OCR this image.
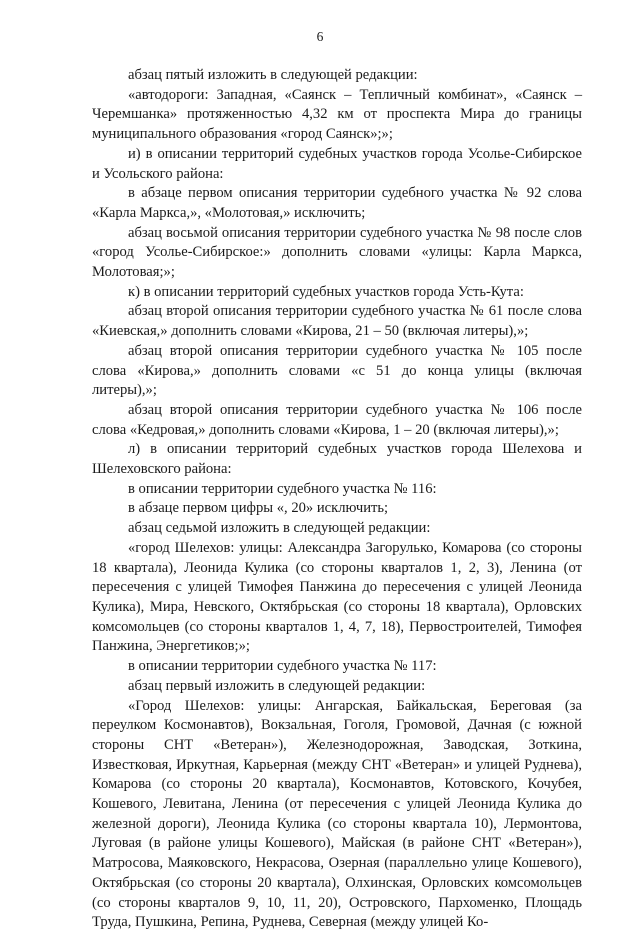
6

абзац пятый изложить в следующей редакции:

«автодороги: Западная, «Саянск – Тепличный комбинат», «Саянск – Черемшанка» протяженностью 4,32 км от проспекта Мира до границы муниципального образования «город Саянск»;»;

и) в описании территорий судебных участков города Усолье-Сибирское и Усольского района:

в абзаце первом описания территории судебного участка № 92 слова «Карла Маркса,», «Молотовая,» исключить;

абзац восьмой описания территории судебного участка № 98 после слов «город Усолье-Сибирское:» дополнить словами «улицы: Карла Маркса, Молотовая;»;

к) в описании территорий судебных участков города Усть-Кута:

абзац второй описания территории судебного участка № 61 после слова «Киевская,» дополнить словами «Кирова, 21 – 50 (включая литеры),»;

абзац второй описания территории судебного участка № 105 после слова «Кирова,» дополнить словами «с 51 до конца улицы (включая литеры),»;

абзац второй описания территории судебного участка № 106 после слова «Кедровая,» дополнить словами «Кирова, 1 – 20 (включая литеры),»;

л) в описании территорий судебных участков города Шелехова и Шелеховского района:

в описании территории судебного участка № 116:

в абзаце первом цифры «, 20» исключить;

абзац седьмой изложить в следующей редакции:

«город Шелехов: улицы: Александра Загорулько, Комарова (со стороны 18 квартала), Леонида Кулика (со стороны кварталов 1, 2, 3), Ленина (от пересечения с улицей Тимофея Панжина до пересечения с улицей Леонида Кулика), Мира, Невского, Октябрьская (со стороны 18 квартала), Орловских комсомольцев (со стороны кварталов 1, 4, 7, 18), Первостроителей, Тимофея Панжина, Энергетиков;»;

в описании территории судебного участка № 117:

абзац первый изложить в следующей редакции:

«Город Шелехов: улицы: Ангарская, Байкальская, Береговая (за переулком Космонавтов), Вокзальная, Гоголя, Громовой, Дачная (с южной стороны СНТ «Ветеран»), Железнодорожная, Заводская, Зоткина, Известковая, Иркутная, Карьерная (между СНТ «Ветеран» и улицей Руднева), Комарова (со стороны 20 квартала), Космонавтов, Котовского, Кочубея, Кошевого, Левитана, Ленина (от пересечения с улицей Леонида Кулика до железной дороги), Леонида Кулика (со стороны квартала 10), Лермонтова, Луговая (в районе улицы Кошевого), Майская (в районе СНТ «Ветеран»), Матросова, Маяковского, Некрасова, Озерная (параллельно улице Кошевого), Октябрьская (со стороны 20 квартала), Олхинская, Орловских комсомольцев (со стороны кварталов 9, 10, 11, 20), Островского, Пархоменко, Площадь Труда, Пушкина, Репина, Руднева, Северная (между улицей Ко-
